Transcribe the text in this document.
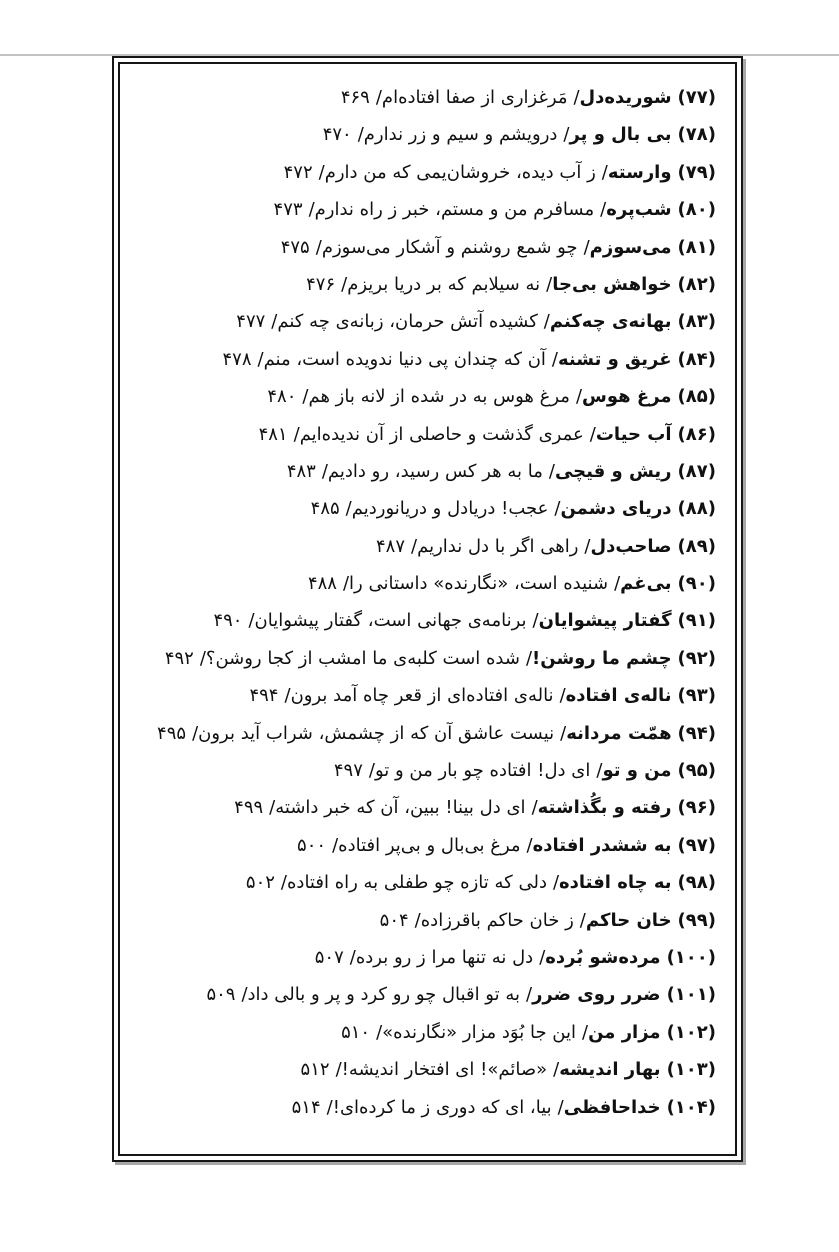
(۷۷)شوریده‌دل/مَرغزاری از صفا افتاده‌ام/۴۶۹
(۷۸)بی بال و پر/درویشم و سیم و زر ندارم/۴۷۰
(۷۹)وارسته/ز آب دیده، خروشان‌یمی که من دارم/۴۷۲
(۸۰)شب‌پره/مسافرم من و مستم، خبر ز راه ندارم/۴۷۳
(۸۱)می‌سوزم/چو شمع روشنم و آشکار می‌سوزم/۴۷۵
(۸۲)خواهش بی‌جا/نه سیلابم که بر دریا بریزم/۴۷۶
(۸۳)بهانه‌ی چه‌کنم/کشیده آتش حرمان، زبانه‌ی چه کنم/۴۷۷
(۸۴)غریق و تشنه/آن که چندان پی دنیا ندویده است، منم/۴۷۸
(۸۵)مرغ هوس/مرغ هوس به در شده از لانه باز هم/۴۸۰
(۸۶)آب حیات/عمری گذشت و حاصلی از آن ندیده‌ایم/۴۸۱
(۸۷)ریش و قیچی/ما به هر کس رسید، رو دادیم/۴۸۳
(۸۸)دریای دشمن/عجب! دریادل و دریانوردیم/۴۸۵
(۸۹)صاحب‌دل/راهی اگر با دل نداریم/۴۸۷
(۹۰)بی‌غم/شنیده است، «نگارنده» داستانی را/۴۸۸
(۹۱)گفتار پیشوایان/برنامه‌ی جهانی است، گفتار پیشوایان/۴۹۰
(۹۲)چشم ما روشن!/شده است کلبه‌ی ما امشب از کجا روشن؟/۴۹۲
(۹۳)ناله‌ی افتاده/ناله‌ی افتاده‌ای از قعر چاه آمد برون/۴۹۴
(۹۴)همّت مردانه/نیست عاشق آن که از چشمش، شراب آید برون/۴۹۵
(۹۵)من و تو/ای دل! افتاده چو بار من و تو/۴۹۷
(۹۶)رفته و بگُذاشته/ای دل بینا! ببین، آن که خبر داشته/۴۹۹
(۹۷)به ششدر افتاده/مرغ بی‌بال و بی‌پر افتاده/۵۰۰
(۹۸)به چاه افتاده/دلی که تازه چو طفلی به راه افتاده/۵۰۲
(۹۹)خان حاکم/ز خان حاکم باقرزاده/۵۰۴
(۱۰۰)مرده‌شو بُرده/دل نه تنها مرا ز رو برده/۵۰۷
(۱۰۱)ضرر روی ضرر/به تو اقبال چو رو کرد و پر و بالی داد/۵۰۹
(۱۰۲)مزار من/این جا بُوَد مزار «نگارنده»/۵۱۰
(۱۰۳)بهار اندیشه/«صائم»! ای افتخار اندیشه!/۵۱۲
(۱۰۴)خداحافظی/بیا، ای که دوری ز ما کرده‌ای!/۵۱۴
